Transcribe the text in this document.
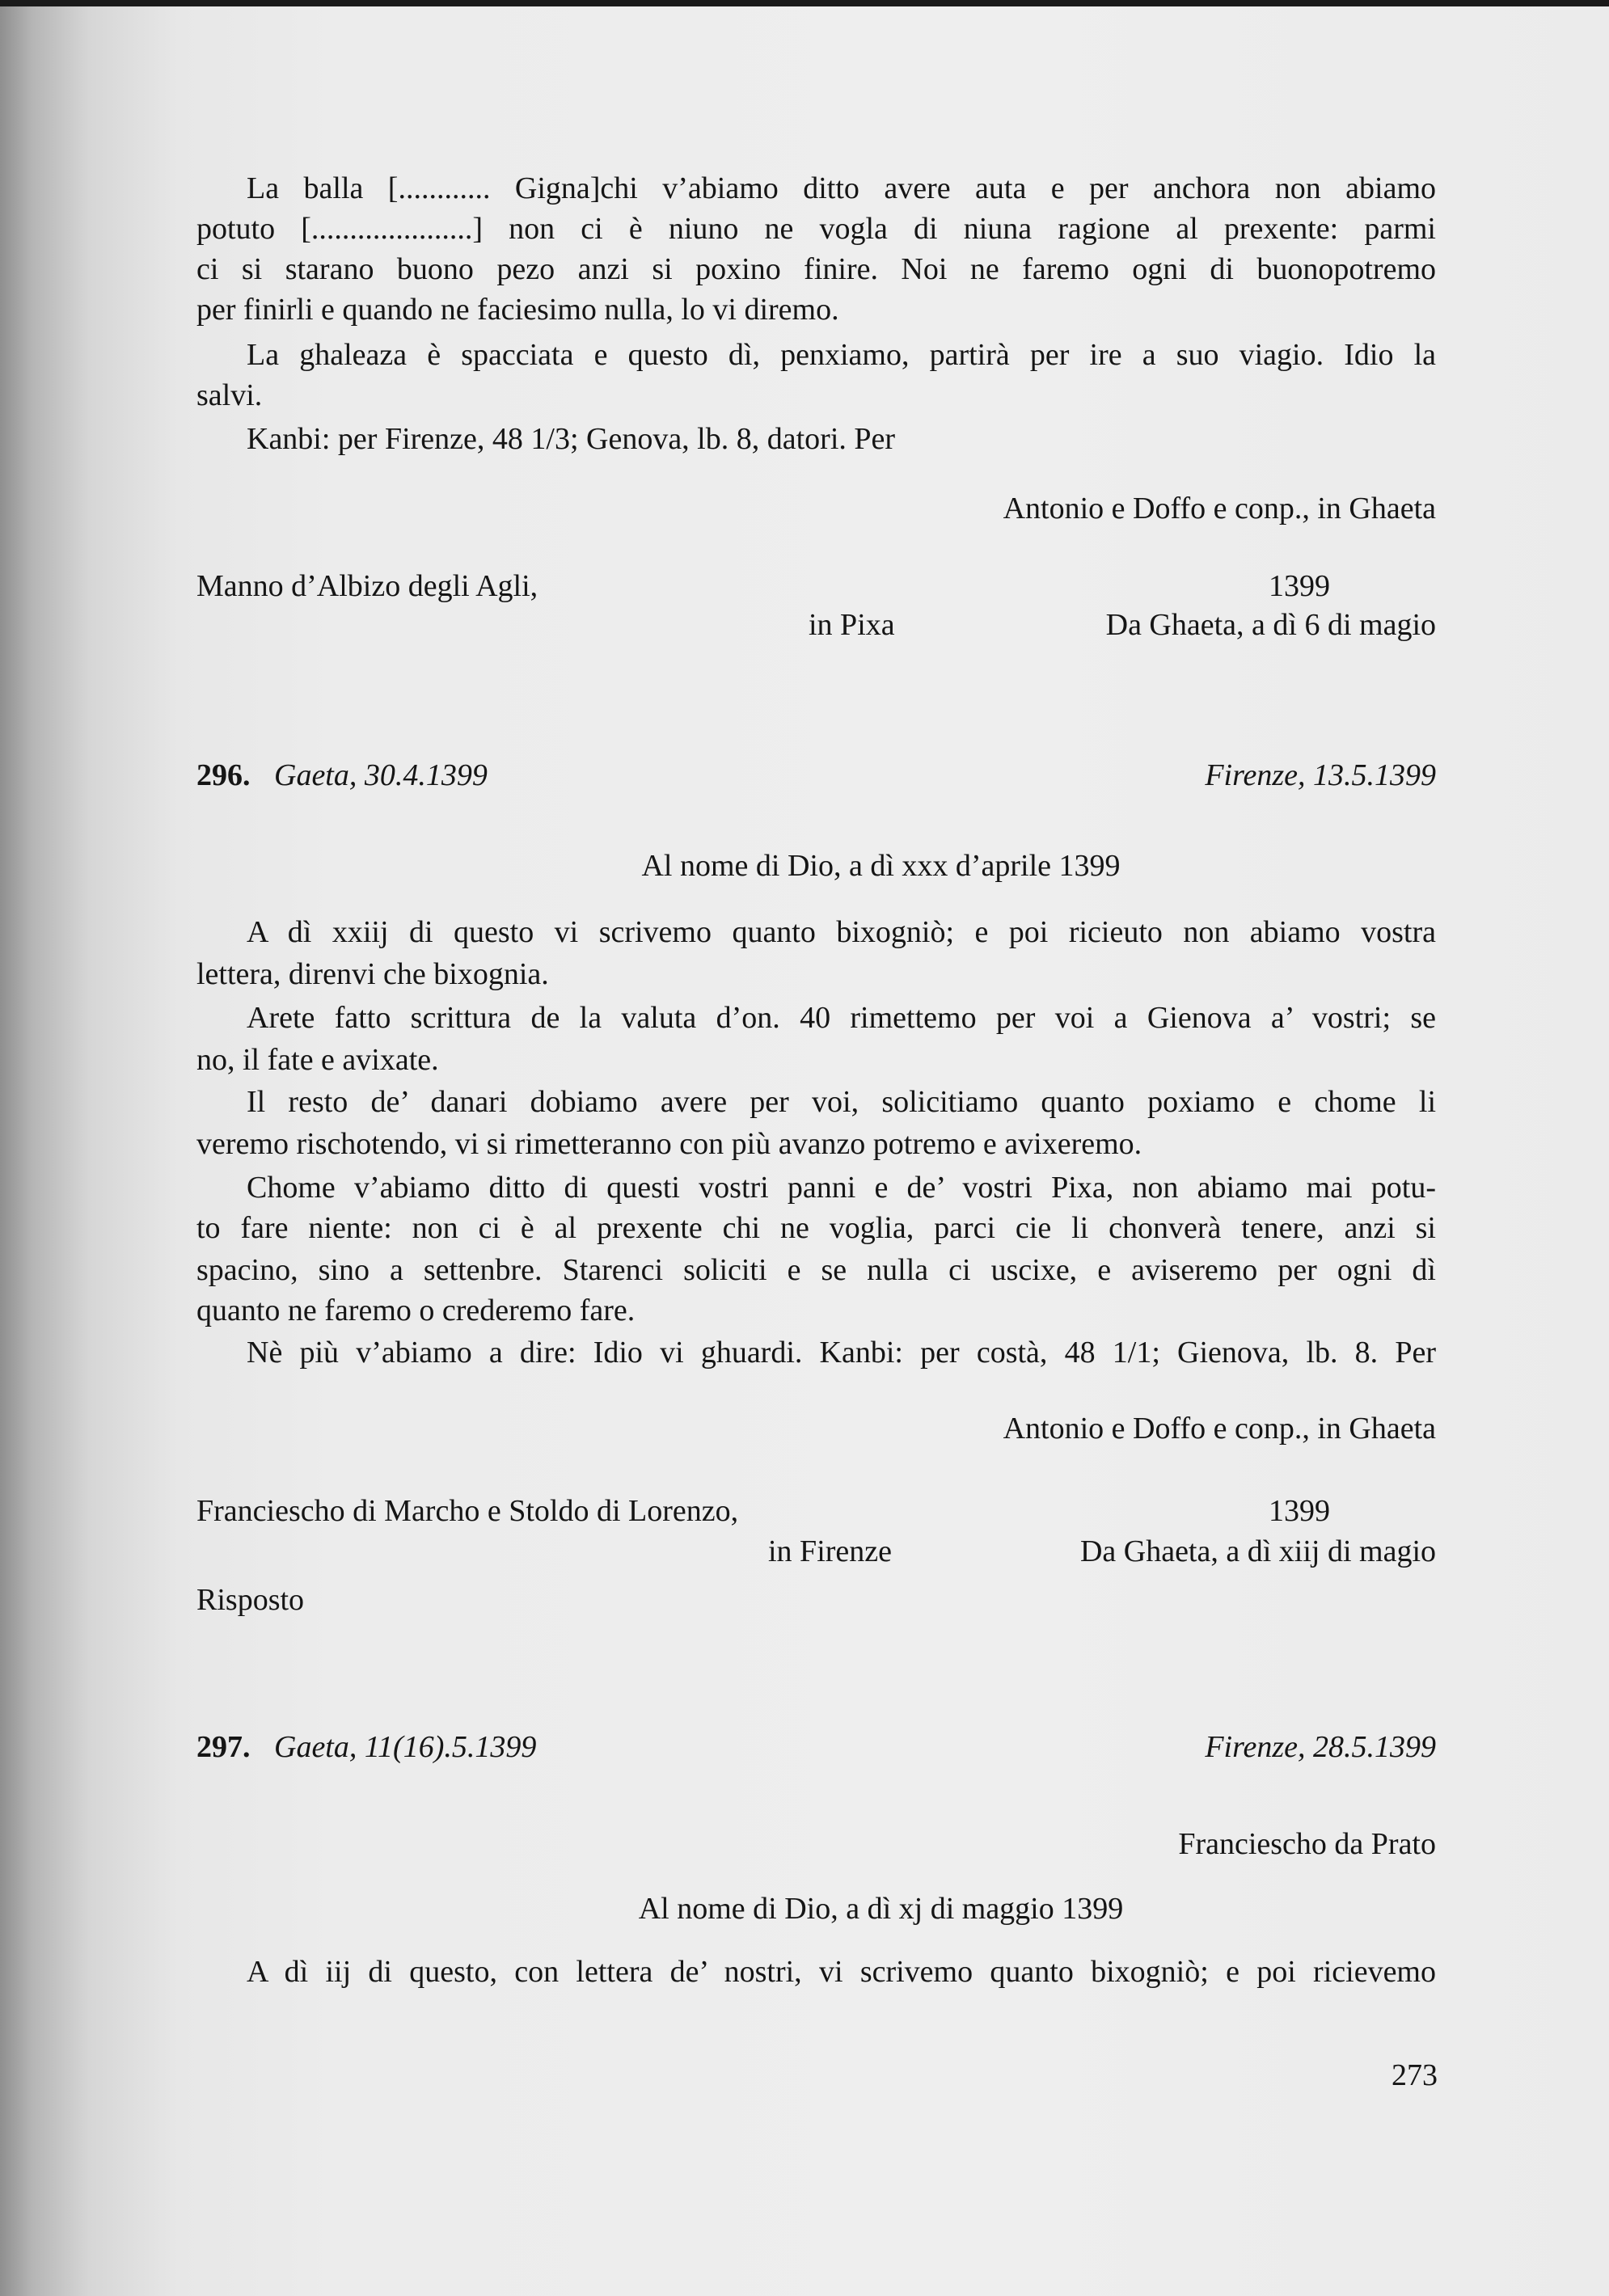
La balla [............ Gigna]chi v’abiamo ditto avere auta e per anchora non abiamo
potuto [.....................] non ci è niuno ne vogla di niuna ragione al prexente: parmi
ci si starano buono pezo anzi si poxino finire. Noi ne faremo ogni di buonopotremo
per finirli e quando ne faciesimo nulla, lo vi diremo.
La ghaleaza è spacciata e questo dì, penxiamo, partirà per ire a suo viagio. Idio la
salvi.
Kanbi: per Firenze, 48 1/3; Genova, lb. 8, datori. Per
Antonio e Doffo e conp., in Ghaeta
Manno d’Albizo degli Agli,	1399
in Pixa	Da Ghaeta, a dì 6 di magio
296. Gaeta, 30.4.1399	Firenze, 13.5.1399
Al nome di Dio, a dì xxx d’aprile 1399
A dì xxiij di questo vi scrivemo quanto bixogniò; e poi ricieuto non abiamo vostra
lettera, direnvi che bixognia.
Arete fatto scrittura de la valuta d’on. 40 rimettemo per voi a Gienova a’ vostri; se
no, il fate e avixate.
Il resto de’ danari dobiamo avere per voi, solicitiamo quanto poxiamo e chome li
veremo rischotendo, vi si rimetteranno con più avanzo potremo e avixeremo.
Chome v’abiamo ditto di questi vostri panni e de’ vostri Pixa, non abiamo mai potu-
to fare niente: non ci è al prexente chi ne voglia, parci cie li chonverà tenere, anzi si
spacino, sino a settenbre. Starenci soliciti e se nulla ci uscixe, e aviseremo per ogni dì
quanto ne faremo o crederemo fare.
Nè più v’abiamo a dire: Idio vi ghuardi. Kanbi: per costà, 48 1/1; Gienova, lb. 8. Per
Antonio e Doffo e conp., in Ghaeta
Franciescho di Marcho e Stoldo di Lorenzo,	1399
in Firenze	Da Ghaeta, a dì xiij di magio
Risposto
297. Gaeta, 11(16).5.1399	Firenze, 28.5.1399
Franciescho da Prato
Al nome di Dio, a dì xj di maggio 1399
A dì iij di questo, con lettera de’ nostri, vi scrivemo quanto bixogniò; e poi ricievemo
273
